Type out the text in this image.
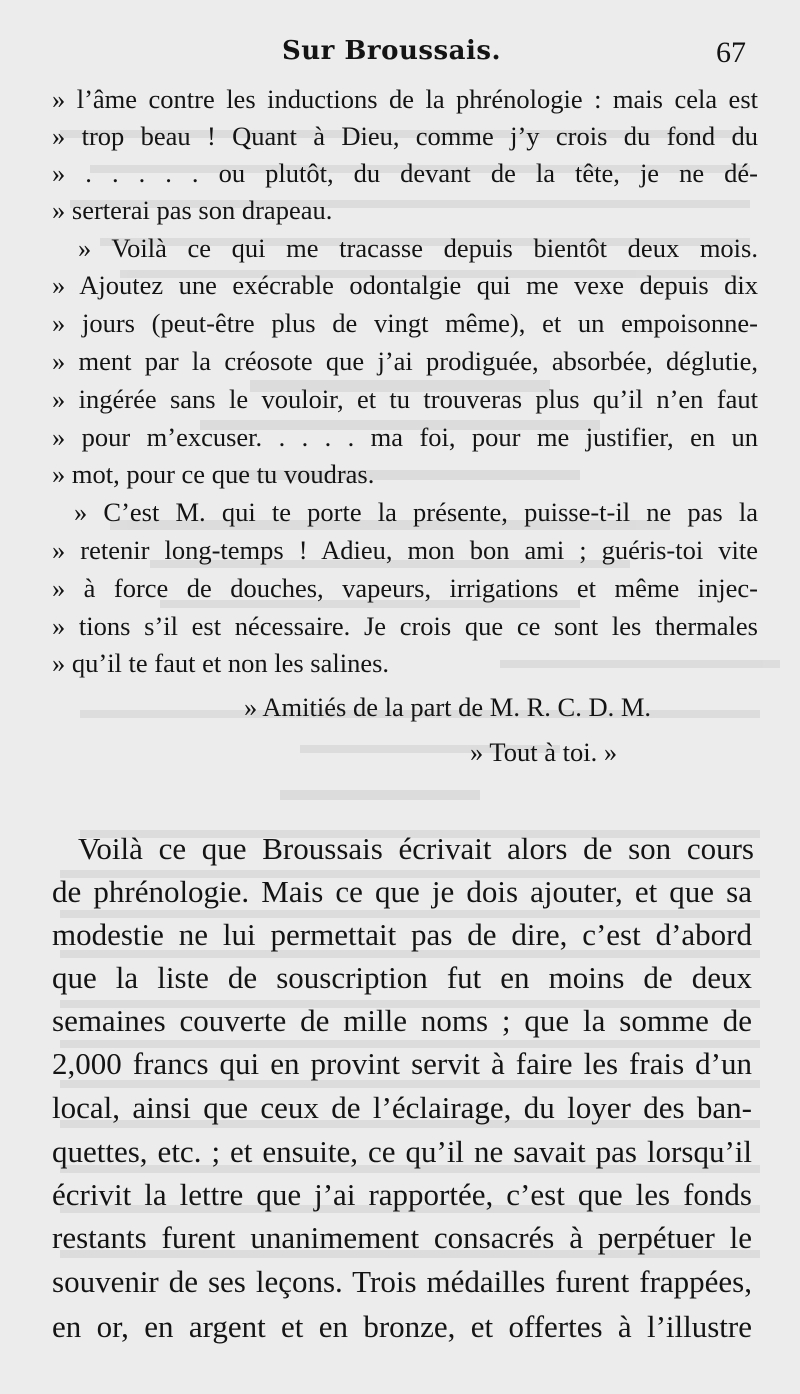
Sur Broussais.	67
» l’âme contre les inductions de la phrénologie : mais cela est
» trop beau ! Quant à Dieu, comme j’y crois du fond du
» . . . . . ou plutôt, du devant de la tête, je ne dé-
» serterai pas son drapeau.
» Voilà ce qui me tracasse depuis bientôt deux mois.
» Ajoutez une exécrable odontalgie qui me vexe depuis dix
» jours (peut-être plus de vingt même), et un empoisonne-
» ment par la créosote que j’ai prodiguée, absorbée, déglutie,
» ingérée sans le vouloir, et tu trouveras plus qu’il n’en faut
» pour m’excuser. . . . . ma foi, pour me justifier, en un
» mot, pour ce que tu voudras.
» C’est M. qui te porte la présente, puisse-t-il ne pas la
» retenir long-temps ! Adieu, mon bon ami ; guéris-toi vite
» à force de douches, vapeurs, irrigations et même injec-
» tions s’il est nécessaire. Je crois que ce sont les thermales
» qu’il te faut et non les salines.
» Amitiés de la part de M. R. C. D. M.
» Tout à toi. »
Voilà ce que Broussais écrivait alors de son cours
de phrénologie. Mais ce que je dois ajouter, et que sa
modestie ne lui permettait pas de dire, c’est d’abord
que la liste de souscription fut en moins de deux
semaines couverte de mille noms ; que la somme de
2,000 francs qui en provint servit à faire les frais d’un
local, ainsi que ceux de l’éclairage, du loyer des ban-
quettes, etc. ; et ensuite, ce qu’il ne savait pas lorsqu’il
écrivit la lettre que j’ai rapportée, c’est que les fonds
restants furent unanimement consacrés à perpétuer le
souvenir de ses leçons. Trois médailles furent frappées,
en or, en argent et en bronze, et offertes à l’illustre
